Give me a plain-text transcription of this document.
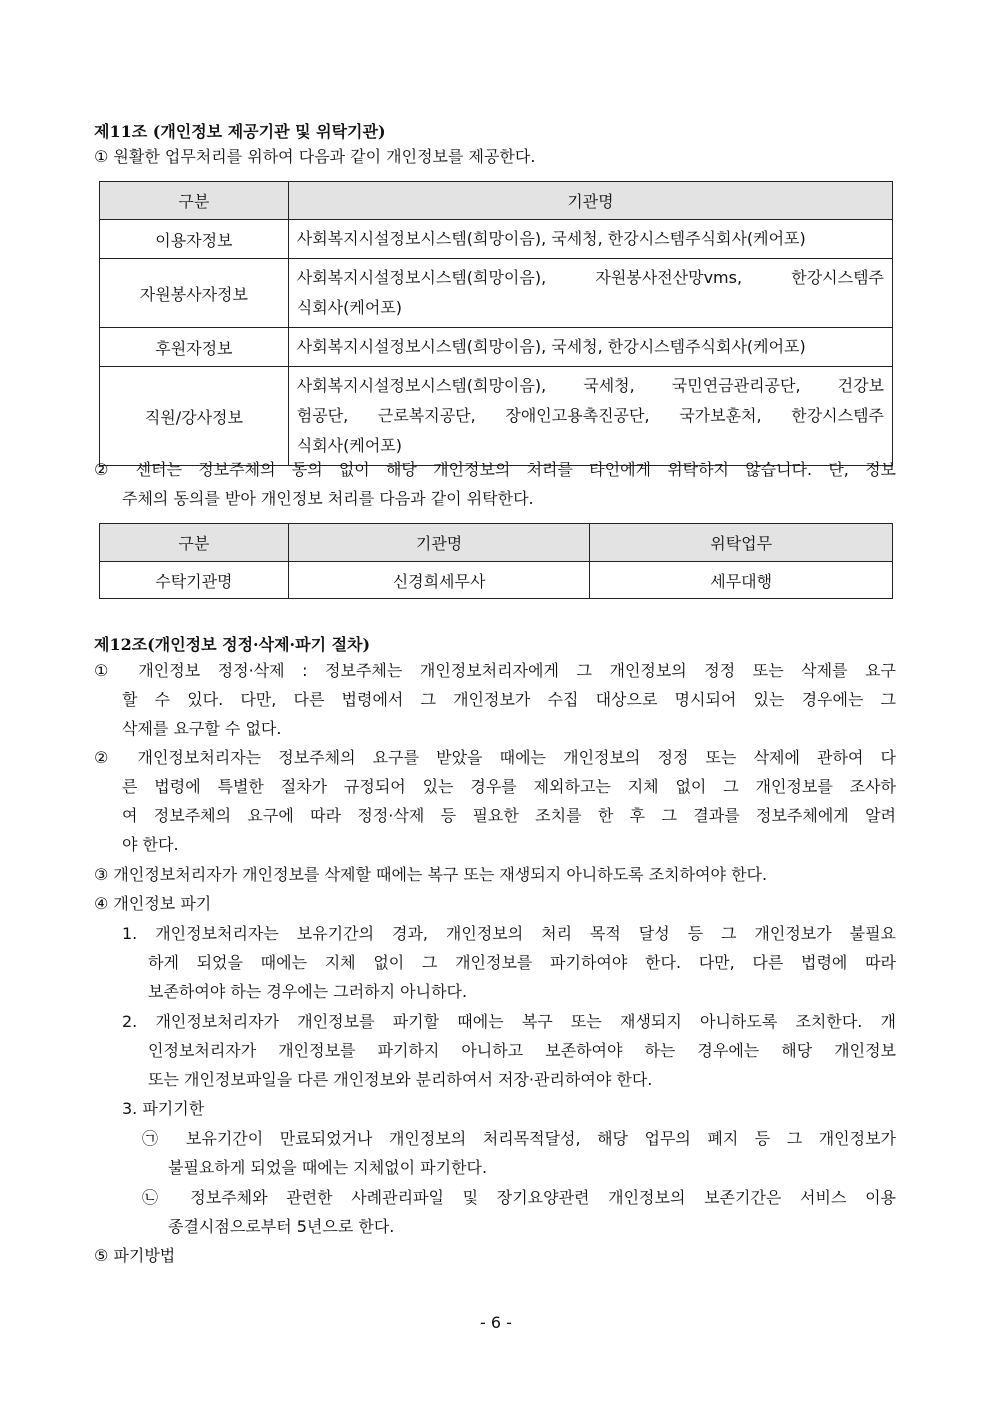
제11조 (개인정보 제공기관 및 위탁기관)
① 원활한 업무처리를 위하여 다음과 같이 개인정보를 제공한다.
구분	기관명
이용자정보	사회복지시설정보시스템(희망이음), 국세청, 한강시스템주식회사(케어포)

자원봉사자정보	사회복지시설정보시스템(희망이음), 자원봉사전산망vms, 한강시스템주
식회사(케어포)

후원자정보	사회복지시설정보시스템(희망이음), 국세청, 한강시스템주식회사(케어포)

직원/강사정보	사회복지시설정보시스템(희망이음), 국세청, 국민연금관리공단, 건강보
험공단, 근로복지공단, 장애인고용촉진공단, 국가보훈처, 한강시스템주
식회사(케어포)
② 센터는 정보주체의 동의 없이 해당 개인정보의 처리를 타인에게 위탁하지 않습니다. 단, 정보
주체의 동의를 받아 개인정보 처리를 다음과 같이 위탁한다.
구분	기관명	위탁업무
수탁기관명	신경희세무사	세무대행
제12조(개인정보 정정·삭제·파기 절차)
① 개인정보 정정·삭제 : 정보주체는 개인정보처리자에게 그 개인정보의 정정 또는 삭제를 요구
할 수 있다. 다만, 다른 법령에서 그 개인정보가 수집 대상으로 명시되어 있는 경우에는 그
삭제를 요구할 수 없다.
② 개인정보처리자는 정보주체의 요구를 받았을 때에는 개인정보의 정정 또는 삭제에 관하여 다
른 법령에 특별한 절차가 규정되어 있는 경우를 제외하고는 지체 없이 그 개인정보를 조사하
여 정보주체의 요구에 따라 정정·삭제 등 필요한 조치를 한 후 그 결과를 정보주체에게 알려
야 한다.
③ 개인정보처리자가 개인정보를 삭제할 때에는 복구 또는 재생되지 아니하도록 조치하여야 한다.
④ 개인정보 파기
1. 개인정보처리자는 보유기간의 경과, 개인정보의 처리 목적 달성 등 그 개인정보가 불필요
하게 되었을 때에는 지체 없이 그 개인정보를 파기하여야 한다. 다만, 다른 법령에 따라
보존하여야 하는 경우에는 그러하지 아니하다.
2. 개인정보처리자가 개인정보를 파기할 때에는 복구 또는 재생되지 아니하도록 조치한다. 개
인정보처리자가 개인정보를 파기하지 아니하고 보존하여야 하는 경우에는 해당 개인정보
또는 개인정보파일을 다른 개인정보와 분리하여서 저장·관리하여야 한다.
3. 파기기한
㉠ 보유기간이 만료되었거나 개인정보의 처리목적달성, 해당 업무의 폐지 등 그 개인정보가
불필요하게 되었을 때에는 지체없이 파기한다.
㉡ 정보주체와 관련한 사례관리파일 및 장기요양관련 개인정보의 보존기간은 서비스 이용
종결시점으로부터 5년으로 한다.
⑤ 파기방법
- 6 -
